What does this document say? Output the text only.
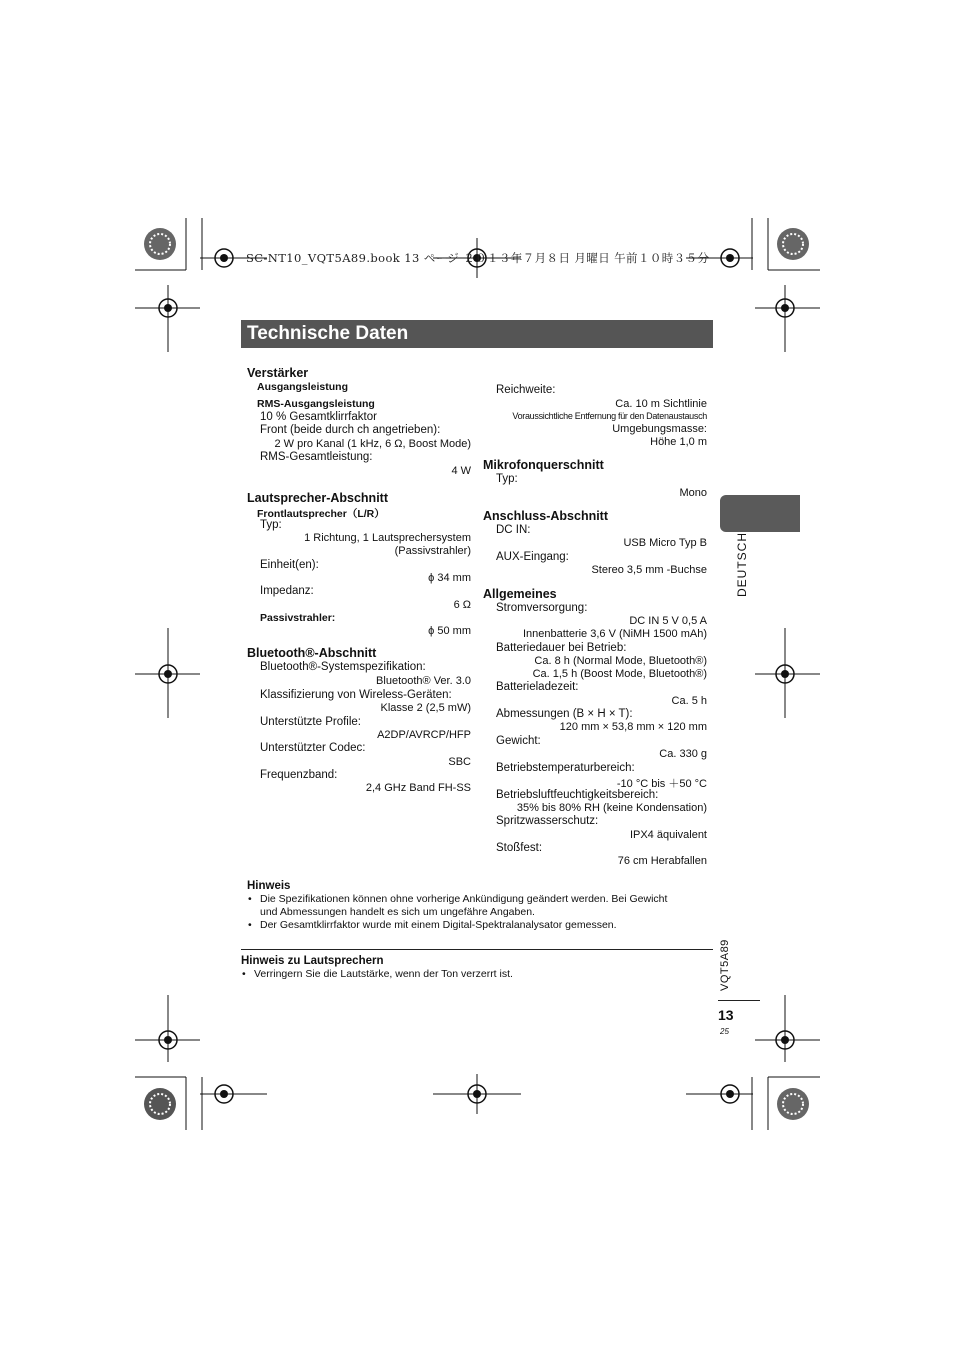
SC-NT10_VQT5A89.book 13 ページ ２０１３年７月８日 月曜日 午前１０時３５分
Technische Daten
DEUTSCH
Verstärker
Ausgangsleistung
RMS-Ausgangsleistung
10 % Gesamtklirrfaktor
Front (beide durch ch angetrieben):
2 W pro Kanal (1 kHz, 6 Ω, Boost Mode)
RMS-Gesamtleistung:
4 W
Lautsprecher-Abschnitt
Frontlautsprecher（L/R）
Typ:
1 Richtung, 1 Lautsprechersystem
(Passivstrahler)
Einheit(en):
ϕ 34 mm
Impedanz:
6 Ω
Passivstrahler:
ϕ 50 mm
Bluetooth®-Abschnitt
Bluetooth®-Systemspezifikation:
Bluetooth® Ver. 3.0
Klassifizierung von Wireless-Geräten:
Klasse 2 (2,5 mW)
Unterstützte Profile:
A2DP/AVRCP/HFP
Unterstützter Codec:
SBC
Frequenzband:
2,4 GHz Band FH-SS
Reichweite:
Ca. 10 m Sichtlinie
Voraussichtliche Entfernung für den Datenaustausch
Umgebungsmasse:
Höhe 1,0 m
Mikrofonquerschnitt
Typ:
Mono
Anschluss-Abschnitt
DC IN:
USB Micro Typ B
AUX-Eingang:
Stereo 3,5 mm -Buchse
Allgemeines
Stromversorgung:
DC IN 5 V 0,5 A
Innenbatterie 3,6 V (NiMH 1500 mAh)
Batteriedauer bei Betrieb:
Ca. 8 h (Normal Mode, Bluetooth®)
Ca. 1,5 h (Boost Mode, Bluetooth®)
Batterieladezeit:
Ca. 5 h
Abmessungen (B × H × T):
120 mm × 53,8 mm × 120 mm
Gewicht:
Ca. 330 g
Betriebstemperaturbereich:
-10 °C bis ＋50 °C
Betriebsluftfeuchtigkeitsbereich:
35% bis 80% RH (keine Kondensation)
Spritzwasserschutz:
IPX4 äquivalent
Stoßfest:
76 cm Herabfallen
Hinweis
• Die Spezifikationen können ohne vorherige Ankündigung geändert werden. Bei Gewicht
und Abmessungen handelt es sich um ungefähre Angaben.
• Der Gesamtklirrfaktor wurde mit einem Digital-Spektralanalysator gemessen.
Hinweis zu Lautsprechern
• Verringern Sie die Lautstärke, wenn der Ton verzerrt ist.	VQT5A89
13
25
